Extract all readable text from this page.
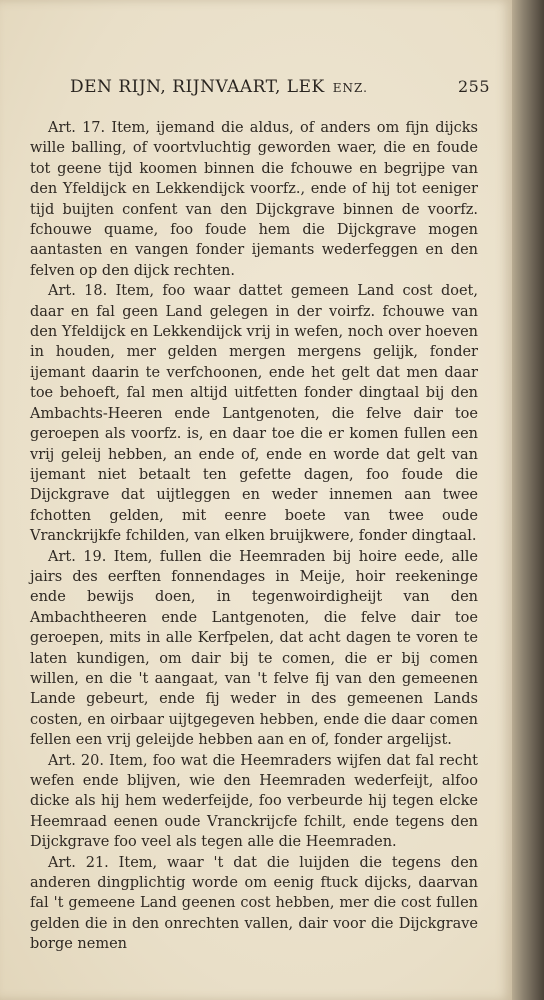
DEN RIJN, RIJNVAART, LEK ENZ.	255

Art. 17. Item, ijemand die aldus, of anders om fijn dijcks wille balling, of voortvluchtig geworden waer, die en foude tot geene tijd koomen binnen die fchouwe en begrijpe van den Yfeldijck en Lekkendijck voorfz., ende of hij tot eeniger tijd buijten confent van den Dijckgrave binnen de voorfz. fchouwe quame, foo foude hem die Dijckgrave mogen aantasten en vangen fonder ijemants wederfeggen en den felven op den dijck rechten.

Art. 18. Item, foo waar dattet gemeen Land cost doet, daar en fal geen Land gelegen in der voirfz. fchouwe van den Yfeldijck en Lekkendijck vrij in wefen, noch over hoeven in houden, mer gelden mergen mergens gelijk, fonder ijemant daarin te verfchoonen, ende het gelt dat men daar toe behoeft, fal men altijd uitfetten fonder dingtaal bij den Ambachts-Heeren ende Lantgenoten, die felve dair toe geroepen als voorfz. is, en daar toe die er komen fullen een vrij geleij hebben, an ende of, ende en worde dat gelt van ijemant niet betaalt ten gefette dagen, foo foude die Dijckgrave dat uijtleggen en weder innemen aan twee fchotten gelden, mit eenre boete van twee oude Vranckrijkfe fchilden, van elken bruijkwere, fonder dingtaal.

Art. 19. Item, fullen die Heemraden bij hoire eede, alle jairs des eerften fonnendages in Meije, hoir reekeninge ende bewijs doen, in tegenwoirdigheijt van den Ambachtheeren ende Lantgenoten, die felve dair toe geroepen, mits in alle Kerfpelen, dat acht dagen te voren te laten kundigen, om dair bij te comen, die er bij comen willen, en die 't aangaat, van 't felve fij van den gemeenen Lande gebeurt, ende fij weder in des gemeenen Lands costen, en oirbaar uijtgegeven hebben, ende die daar comen fellen een vrij geleijde hebben aan en of, fonder argelijst.

Art. 20. Item, foo wat die Heemraders wijfen dat fal recht wefen ende blijven, wie den Heemraden wederfeijt, alfoo dicke als hij hem wederfeijde, foo verbeurde hij tegen elcke Heemraad eenen oude Vranckrijcfe fchilt, ende tegens den Dijckgrave foo veel als tegen alle die Heemraden.

Art. 21. Item, waar 't dat die luijden die tegens den anderen dingplichtig worde om eenig ftuck dijcks, daarvan fal 't gemeene Land geenen cost hebben, mer die cost fullen gelden die in den onrechten vallen, dair voor die Dijckgrave borge nemen
